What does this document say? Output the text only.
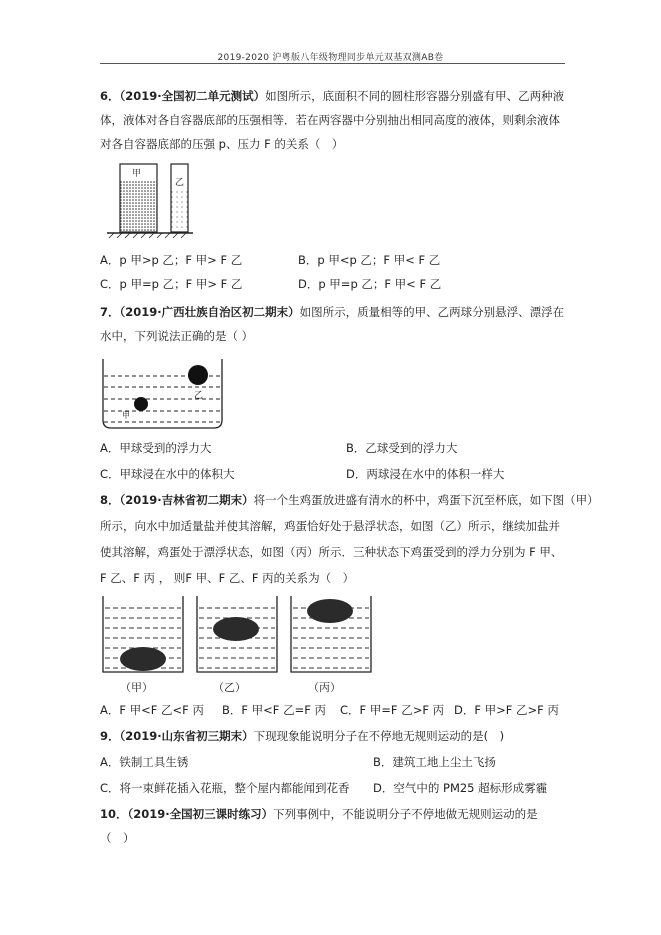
2019-2020 沪粤版八年级物理同步单元双基双测AB卷
6．（2019·全国初二单元测试）如图所示，底面积不同的圆柱形容器分别盛有甲、乙两种液
体，液体对各自容器底部的压强相等．若在两容器中分别抽出相同高度的液体，则剩余液体
对各自容器底部的压强 p、压力 F 的关系（　）
甲
乙
A．p 甲>p 乙；F 甲> F 乙	B．p 甲<p 乙；F 甲< F 乙
C．p 甲=p 乙；F 甲> F 乙	D．p 甲=p 乙；F 甲< F 乙
7．（2019·广西壮族自治区初二期末）如图所示，质量相等的甲、乙两球分别悬浮、漂浮在
水中，下列说法正确的是（ ）
乙
甲
A．甲球受到的浮力大	B．乙球受到的浮力大
C．甲球浸在水中的体积大	D．两球浸在水中的体积一样大
8．（2019·吉林省初二期末）将一个生鸡蛋放进盛有清水的杯中，鸡蛋下沉至杯底，如下图（甲）
所示，向水中加适量盐并使其溶解，鸡蛋恰好处于悬浮状态，如图（乙）所示，继续加盐并
使其溶解，鸡蛋处于漂浮状态，如图（丙）所示．三种状态下鸡蛋受到的浮力分别为 F 甲、
F 乙、F 丙 ， 则F 甲、F 乙、F 丙的关系为（　）
（甲）	（乙）	（丙）
A．F 甲<F 乙<F 丙 B．F 甲<F 乙=F 丙 C．F 甲=F 乙>F 丙 D．F 甲>F 乙>F 丙
9．（2019·山东省初三期末）下现现象能说明分子在不停地无规则运动的是(　)
A．铁制工具生锈	B．建筑工地上尘土飞扬
C．将一束鲜花插入花瓶，整个屋内都能闻到花香 D．空气中的 PM25 超标形成雾霾
10．（2019·全国初三课时练习）下列事例中，不能说明分子不停地做无规则运动的是
（　）
